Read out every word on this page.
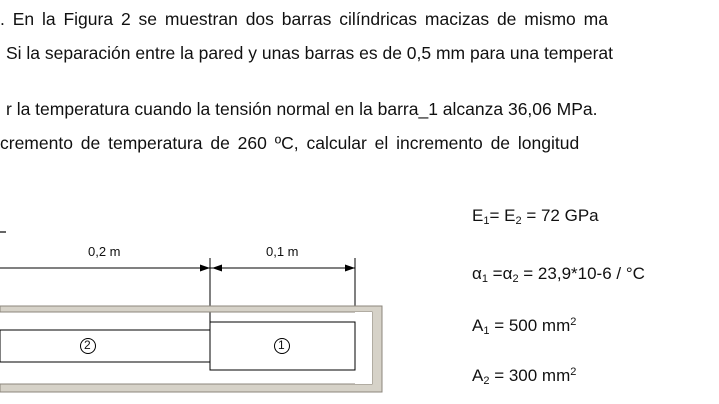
. En la Figura 2 se muestran dos barras cilíndricas macizas de mismo ma
Si la separación entre la pared y unas barras es de 0,5 mm para una temperat
r la temperatura cuando la tensión normal en la barra_1 alcanza 36,06 MPa.
cremento de temperatura de 260 ºC, calcular el incremento de longitud
0,2 m	0,1 m
2	1
$E_1= E_2 = 72$ GPa
$\alpha_1 =\alpha_2 = 23,9*10-6 / ^\circ C$
$A_1 = 500$ $mm^2$
$A_2 = 300$ $mm^2$
